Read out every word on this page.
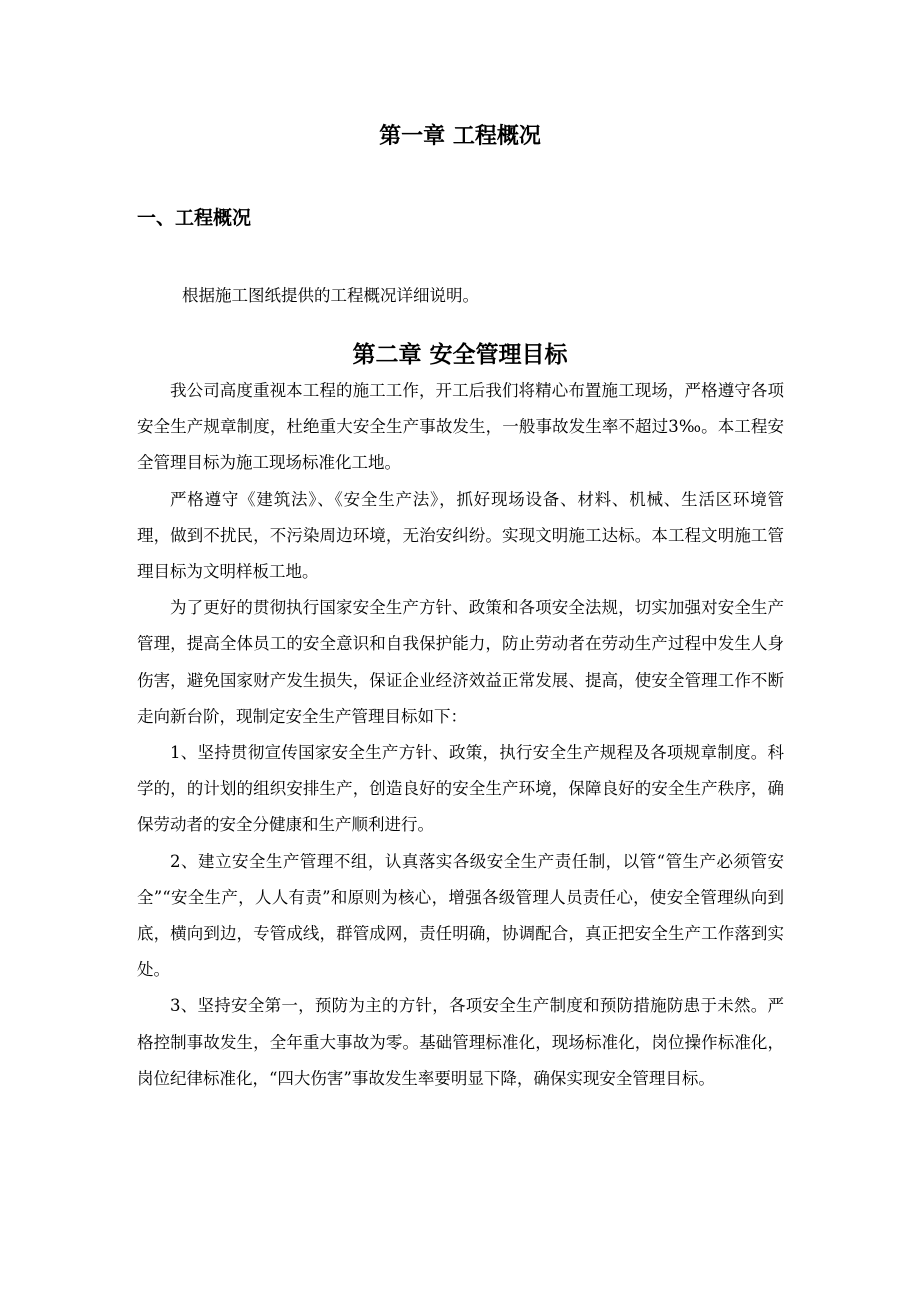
第一章 工程概况
一、工程概况

根据施工图纸提供的工程概况详细说明。

第二章 安全管理目标

我公司高度重视本工程的施工工作，开工后我们将精心布置施工现场，严格遵守各项安全生产规章制度，杜绝重大安全生产事故发生，一般事故发生率不超过3‰。本工程安全管理目标为施工现场标准化工地。

严格遵守《建筑法》、《安全生产法》，抓好现场设备、材料、机械、生活区环境管理，做到不扰民，不污染周边环境，无治安纠纷。实现文明施工达标。本工程文明施工管理目标为文明样板工地。

为了更好的贯彻执行国家安全生产方针、政策和各项安全法规，切实加强对安全生产管理，提高全体员工的安全意识和自我保护能力，防止劳动者在劳动生产过程中发生人身伤害，避免国家财产发生损失，保证企业经济效益正常发展、提高，使安全管理工作不断走向新台阶，现制定安全生产管理目标如下：

1、坚持贯彻宣传国家安全生产方针、政策，执行安全生产规程及各项规章制度。科学的，的计划的组织安排生产，创造良好的安全生产环境，保障良好的安全生产秩序，确保劳动者的安全分健康和生产顺利进行。

2、建立安全生产管理不组，认真落实各级安全生产责任制，以管“管生产必须管安全”“安全生产，人人有责”和原则为核心，增强各级管理人员责任心，使安全管理纵向到底，横向到边，专管成线，群管成网，责任明确，协调配合，真正把安全生产工作落到实处。

3、坚持安全第一，预防为主的方针，各项安全生产制度和预防措施防患于未然。严格控制事故发生，全年重大事故为零。基础管理标准化，现场标准化，岗位操作标准化，岗位纪律标准化，“四大伤害”事故发生率要明显下降，确保实现安全管理目标。
